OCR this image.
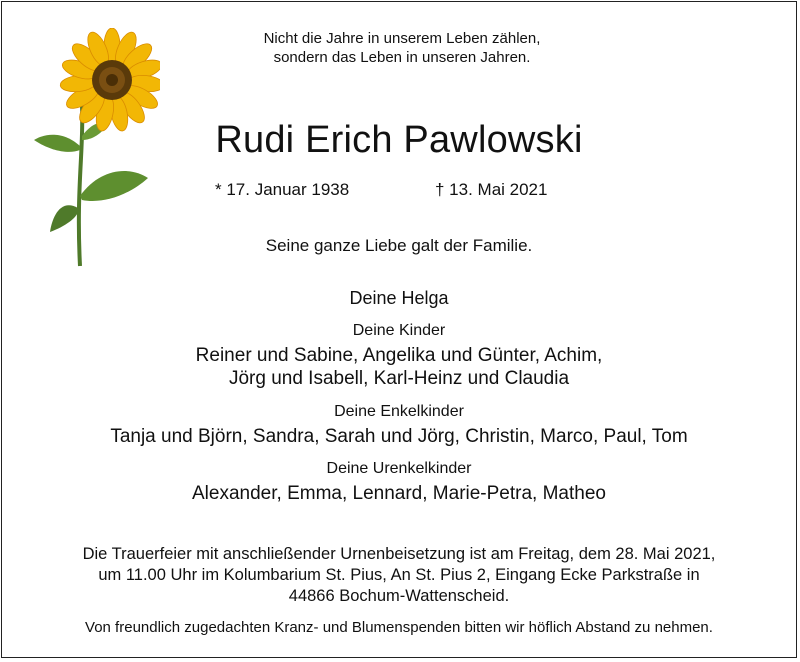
Nicht die Jahre in unserem Leben zählen,
sondern das Leben in unseren Jahren.
Rudi Erich Pawlowski
* 17. Januar 1938	† 13. Mai 2021
Seine ganze Liebe galt der Familie.
Deine Helga
Deine Kinder
Reiner und Sabine, Angelika und Günter, Achim,
Jörg und Isabell, Karl-Heinz und Claudia
Deine Enkelkinder
Tanja und Björn, Sandra, Sarah und Jörg, Christin, Marco, Paul, Tom
Deine Urenkelkinder
Alexander, Emma, Lennard, Marie-Petra, Matheo
Die Trauerfeier mit anschließender Urnenbeisetzung ist am Freitag, dem 28. Mai 2021,
um 11.00 Uhr im Kolumbarium St. Pius, An St. Pius 2, Eingang Ecke Parkstraße in
44866 Bochum-Wattenscheid.
Von freundlich zugedachten Kranz- und Blumenspenden bitten wir höflich Abstand zu nehmen.
